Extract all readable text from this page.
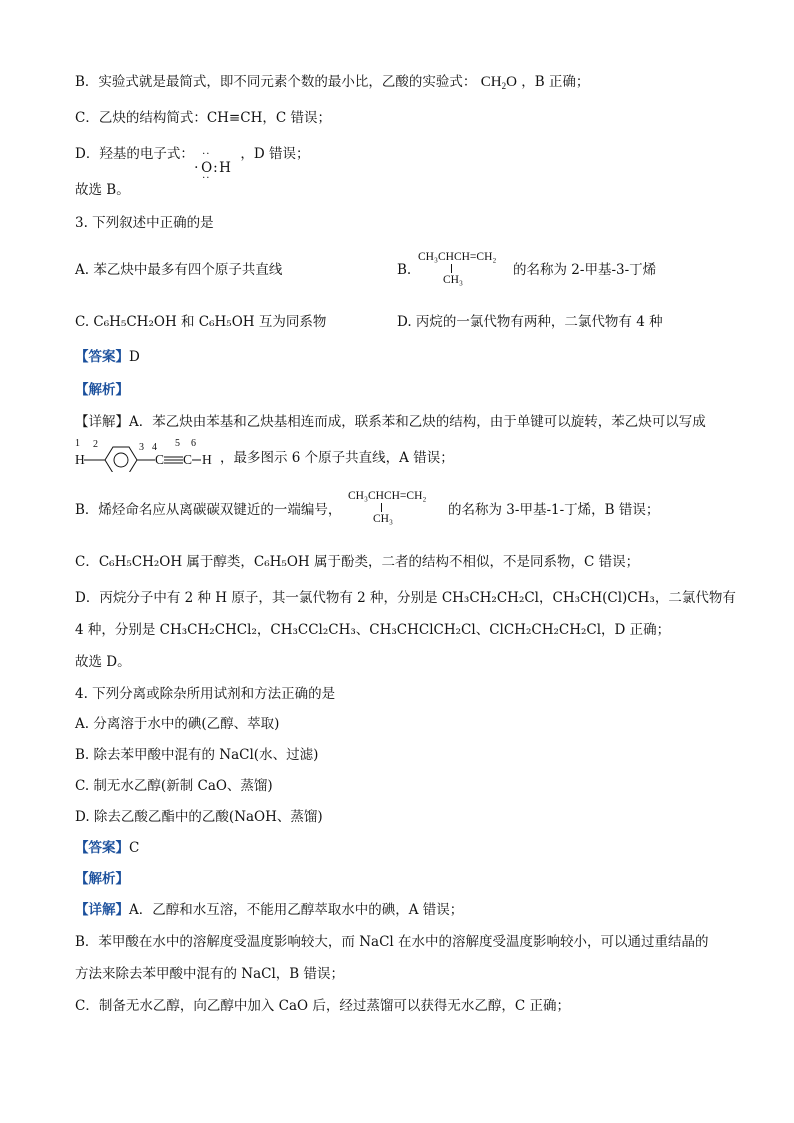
B．实验式就是最简式，即不同元素个数的最小比，乙酸的实验式： $CH_2O$ ，B 正确；
C．乙炔的结构简式：CH≡CH，C 错误；
D．羟基的电子式： ··
· O : H
··
，D 错误；
故选 B。
3. 下列叙述中正确的是
A. 苯乙炔中最多有四个原子共直线	B.
CH₃CHCH=CH₂
CH₃
的名称为 2-甲基-3-丁烯
C. C₆H₅CH₂OH 和 C₆H₅OH 互为同系物	D. 丙烷的一氯代物有两种，二氯代物有 4 种
【答案】D
【解析】
【详解】A．苯乙炔由苯基和乙炔基相连而成，联系苯和乙炔的结构，由于单键可以旋转，苯乙炔可以写成
1 2	3 4 5 6
H	C C H ，最多图示 6 个原子共直线，A 错误；
B．烯烃命名应从离碳碳双键近的一端编号，
CH₃CHCH=CH₂
CH₃
的名称为 3-甲基-1-丁烯，B 错误；
C．C₆H₅CH₂OH 属于醇类，C₆H₅OH 属于酚类，二者的结构不相似，不是同系物，C 错误；
D．丙烷分子中有 2 种 H 原子，其一氯代物有 2 种，分别是 CH₃CH₂CH₂Cl，CH₃CH(Cl)CH₃，二氯代物有
4 种，分别是 CH₃CH₂CHCl₂，CH₃CCl₂CH₃、CH₃CHClCH₂Cl、ClCH₂CH₂CH₂Cl，D 正确；
故选 D。
4. 下列分离或除杂所用试剂和方法正确的是
A. 分离溶于水中的碘(乙醇、萃取)
B. 除去苯甲酸中混有的 NaCl(水、过滤)
C. 制无水乙醇(新制 CaO、蒸馏)
D. 除去乙酸乙酯中的乙酸(NaOH、蒸馏)
【答案】C
【解析】
【详解】A．乙醇和水互溶，不能用乙醇萃取水中的碘，A 错误；
B．苯甲酸在水中的溶解度受温度影响较大，而 NaCl 在水中的溶解度受温度影响较小，可以通过重结晶的
方法来除去苯甲酸中混有的 NaCl，B 错误；
C．制备无水乙醇，向乙醇中加入 CaO 后，经过蒸馏可以获得无水乙醇，C 正确；
